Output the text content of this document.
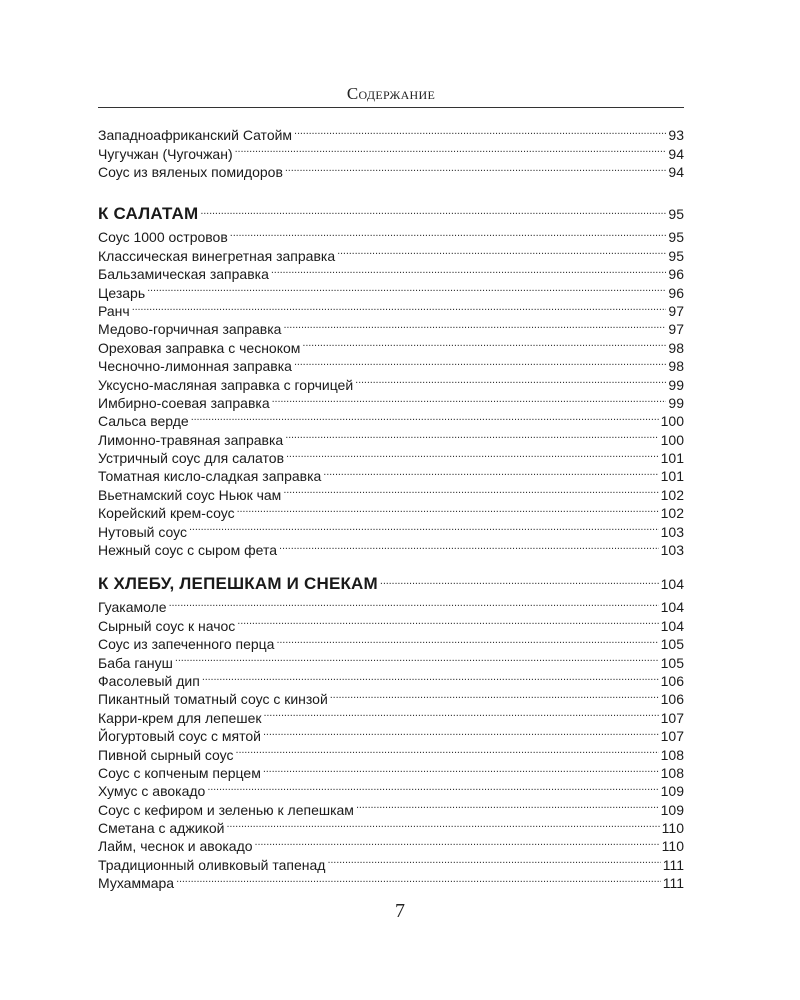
Содержание
Западноафриканский Сатойм . . .	93
Чугучжан (Чугочжан) . . .	94
Соус из вяленых помидоров . . .	94
К САЛАТАМ . . .	95
Соус 1000 островов . . .	95
Классическая винегретная заправка . . .	95
Бальзамическая заправка . . .	96
Цезарь . . .	96
Ранч . . .	97
Медово-горчичная заправка . . .	97
Ореховая заправка с чесноком . . .	98
Чесночно-лимонная заправка . . .	98
Уксусно-масляная заправка с горчицей . . .	99
Имбирно-соевая заправка . . .	99
Сальса верде . . .	100
Лимонно-травяная заправка . . .	100
Устричный соус для салатов . . .	101
Томатная кисло-сладкая заправка . . .	101
Вьетнамский соус Ньюк чам . . .	102
Корейский крем-соус . . .	102
Нутовый соус . . .	103
Нежный соус с сыром фета . . .	103
К ХЛЕБУ, ЛЕПЕШКАМ И СНЕКАМ . . .	104
Гуакамоле . . .	104
Сырный соус к начос . . .	104
Соус из запеченного перца . . .	105
Баба гануш . . .	105
Фасолевый дип . . .	106
Пикантный томатный соус с кинзой . . .	106
Карри-крем для лепешек . . .	107
Йогуртовый соус с мятой . . .	107
Пивной сырный соус . . .	108
Соус с копченым перцем . . .	108
Хумус с авокадо . . .	109
Соус с кефиром и зеленью к лепешкам . . .	109
Сметана с аджикой . . .	110
Лайм, чеснок и авокадо . . .	110
Традиционный оливковый тапенад . . .	111
Мухаммара . . .	111
7
